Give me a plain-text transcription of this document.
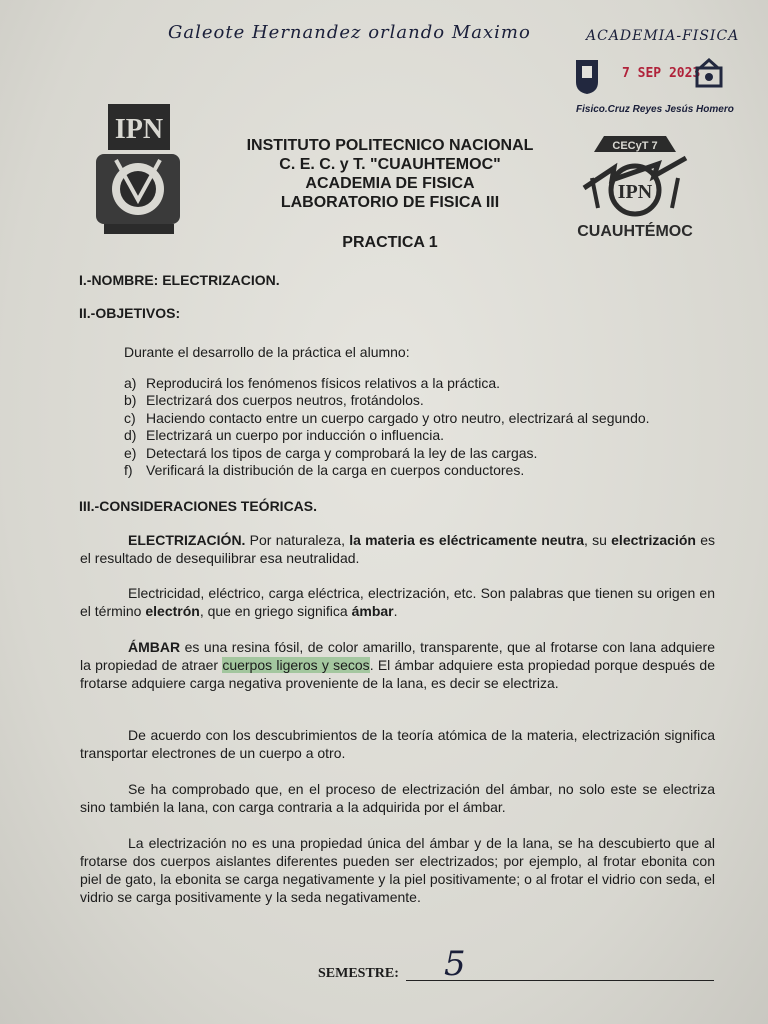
Galeote Hernandez orlando Maximo	ACADEMIA-FISICA
7 SEP 2023
Fisico.Cruz Reyes Jesús Homero
IPN
INSTITUTO POLITECNICO NACIONAL
C. E. C. y T. "CUAUHTEMOC"
ACADEMIA DE FISICA
LABORATORIO DE FISICA III
CECyT 7
IPN
CUAUHTÉMOC
PRACTICA 1
I.-NOMBRE: ELECTRIZACION.
II.-OBJETIVOS:
Durante el desarrollo de la práctica el alumno:
a) Reproducirá los fenómenos físicos relativos a la práctica.
b) Electrizará dos cuerpos neutros, frotándolos.
c) Haciendo contacto entre un cuerpo cargado y otro neutro, electrizará al segundo.
d) Electrizará un cuerpo por inducción o influencia.
e) Detectará los tipos de carga y comprobará la ley de las cargas.
f) Verificará la distribución de la carga en cuerpos conductores.
III.-CONSIDERACIONES TEÓRICAS.
ELECTRIZACIÓN. Por naturaleza, la materia es eléctricamente neutra, su electrización es el resultado de desequilibrar esa neutralidad.
Electricidad, eléctrico, carga eléctrica, electrización, etc. Son palabras que tienen su origen en el término electrón, que en griego significa ámbar.
ÁMBAR es una resina fósil, de color amarillo, transparente, que al frotarse con lana adquiere la propiedad de atraer cuerpos ligeros y secos. El ámbar adquiere esta propiedad porque después de frotarse adquiere carga negativa proveniente de la lana, es decir se electriza.
De acuerdo con los descubrimientos de la teoría atómica de la materia, electrización significa transportar electrones de un cuerpo a otro.
Se ha comprobado que, en el proceso de electrización del ámbar, no solo este se electriza sino también la lana, con carga contraria a la adquirida por el ámbar.
La electrización no es una propiedad única del ámbar y de la lana, se ha descubierto que al frotarse dos cuerpos aislantes diferentes pueden ser electrizados; por ejemplo, al frotar ebonita con piel de gato, la ebonita se carga negativamente y la piel positivamente; o al frotar el vidrio con seda, el vidrio se carga positivamente y la seda negativamente.
SEMESTRE: 5
